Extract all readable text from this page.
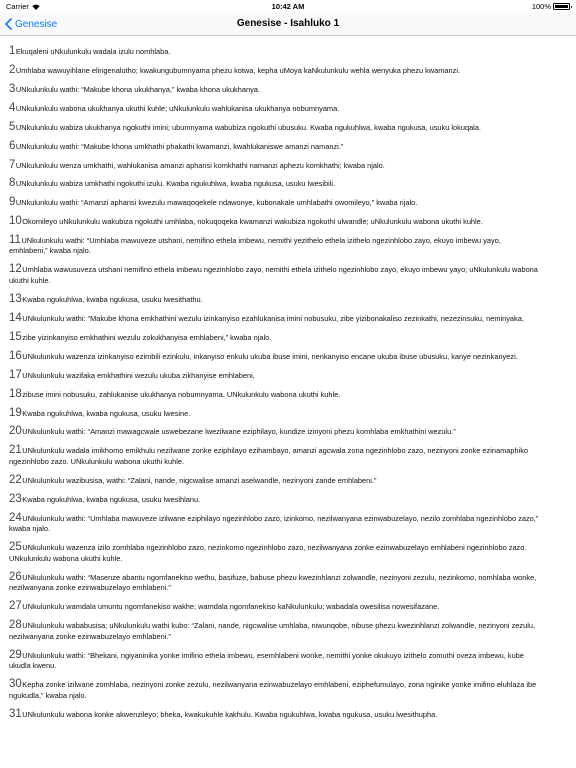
Carrier	10:42 AM	100%
Genesise	Genesise - Isahluko 1

1Ekuqaleni uNkulunkulu wadala izulu nomhlaba.

2Umhlaba wawuyihlane elingenalutho; kwakungubumnyama phezu kotwa, kepha uMoya kaNkulunkulu wehla wenyuka phezu kwamanzi.

3UNkulunkulu wathi: “Makube khona ukukhanya,” kwaba khona ukukhanya.

4UNkulunkulu wabona ukukhanya ukuthi kuhle; uNkulunkulu wahlukanisa ukukhanya nobumnyama.

5UNkulunkulu wabiza ukukhanya ngokuthi imini; ubumnyama wabubiza ngokuthi ubusuku. Kwaba ngukuhlwa, kwaba ngukusa, usuku lokuqala.

6UNkulunkulu wathi: “Makube khona umkhathi phakathi kwamanzi, kwahlukaniswe amanzi namanzi.”

7UNkulunkulu wenza umkhathi, wahlukanisa amanzi aphansi komkhathi namanzi aphezu komkhathi; kwaba njalo.

8UNkulunkulu wabiza umkhathi ngokuthi izulu. Kwaba ngukuhlwa, kwaba ngukusa, usuku lwesibili.

9UNkulunkulu wathi: “Amanzi aphansi kwezulu mawaqoqekele ndawonye, kubonakale umhlabathi owomileyo,” kwaba njalo.

10Okomileyo uNkulunkulu wakubiza ngokuthi umhlaba, nokuqoqeka kwamanzi wakubiza ngokuthi ulwandle; uNkulunkulu wabona ukuthi kuhle.

11UNkulunkulu wathi: “Umhlaba mawuveze utshani, nemifino ethela imbewu, nemithi yezithelo ethela izithelo ngezinhlobo zayo, ekuyo imbewu yayo, emhlabeni,” kwaba njalo.

12Umhlaba wawusuveza utshani nemifino ethela imbewu ngezinhlobo zayo, nemithi ethela izithelo ngezinhlobo zayo, ekuyo imbewu yayo; uNkulunkulu wabona ukuthi kuhle.

13Kwaba ngukuhlwa, kwaba ngukusa, usuku lwesithathu.

14UNkulunkulu wathi: “Makube khona emkhathini wezulu izinkanyiso ezahlukanisa imini nobusuku, zibe yizibonakaliso zezinkathi, nezezinsuku, neminyaka,

15zibe yizinkanyiso emkhathini wezulu zokukhanyisa emhlabeni,” kwaba njalo.

16UNkulunkulu wazenza izinkanyiso ezimbili ezinkulu, inkanyiso enkulu ukuba ibuse imini, nenkanyiso encane ukuba ibuse ubusuku, kanye nezinkanyezi.

17UNkulunkulu wazifaka emkhathini wezulu ukuba zikhanyise emhlabeni,

18zibuse imini nobusuku, zahlukanise ukukhanya nobumnyama. UNkulunkulu wabona ukuthi kuhle.

19Kwaba ngukuhlwa, kwaba ngukusa, usuku lwesine.

20UNkulunkulu wathi: “Amanzi mawagcwale uswebezane lwezilwane eziphilayo, kundize izinyoni phezu komhlaba emkhathini wezulu.”

21UNkulunkulu wadala imikhomo emikhulu nezilwane zonke eziphilayo ezihambayo, amanzi agcwala zona ngezinhlobo zazo, nezinyoni zonke ezinamaphiko ngezinhlobo zazo. UNkulunkulu wabona ukuthi kuhle.

22UNkulunkulu wazibusisa, wathi: “Zalani, nande, nigcwalise amanzi aselwandle, nezinyoni zande emhlabeni.”

23Kwaba ngukuhlwa, kwaba ngukusa, usuku lwesihlanu.

24UNkulunkulu wathi: “Umhlaba mawuveze izilwane eziphilayo ngezinhlobo zazo, izinkomo, nezilwanyana ezinwabuzelayo, nezilo zomhlaba ngezinhlobo zazo,” kwaba njalo.

25UNkulunkulu wazenza izilo zomhlaba ngezinhlobo zazo, nezinkomo ngezinhlobo zazo, nezilwanyana zonke ezinwabuzelayo emhlabeni ngezinhlobo zazo. UNkulunkulu wabona ukuthi kuhle.

26UNkulunkulu wathi: “Masenze abantu ngomfanekiso wethu, basifuze, babuse phezu kwezinhlanzi zolwandle, nezinyoni zezulu, nezinkomo, nomhlaba wonke, nezilwanyana zonke ezinwabuzelayo emhlabeni.”

27UNkulunkulu wamdala umuntu ngomfanekiso wakhe; wamdala ngomfanekiso kaNkulunkulu; wabadala owesilisa nowesifazane.

28UNkulunkulu wababusisa; uNkulunkulu wathi kubo: “Zalani, nande, nigcwalise umhlaba, niwunqobe, nibuse phezu kwezinhlanzi zolwandle, nezinyoni zezulu, nezilwanyana zonke ezinwabuzelayo emhlabeni.”

29UNkulunkulu wathi: “Bhekani, ngiyaninika yonke imifino ethela imbewu, esemhlabeni wonke, nemithi yonke okukuyo izithelo zomuthi oveza imbewu, kube ukudla kwenu.

30Kepha zonke izilwane zomhlaba, nezinyoni zonke zezulu, nezilwanyana ezinwabuzelayo emhlabeni, eziphefumulayo, zona nginike yonke imifino eluhlaza ibe ngukudla,” kwaba njalo.

31UNkulunkulu wabona konke akwenzileyo; bheka, kwakukuhle kakhulu. Kwaba ngukuhlwa, kwaba ngukusa, usuku lwesithupha.
